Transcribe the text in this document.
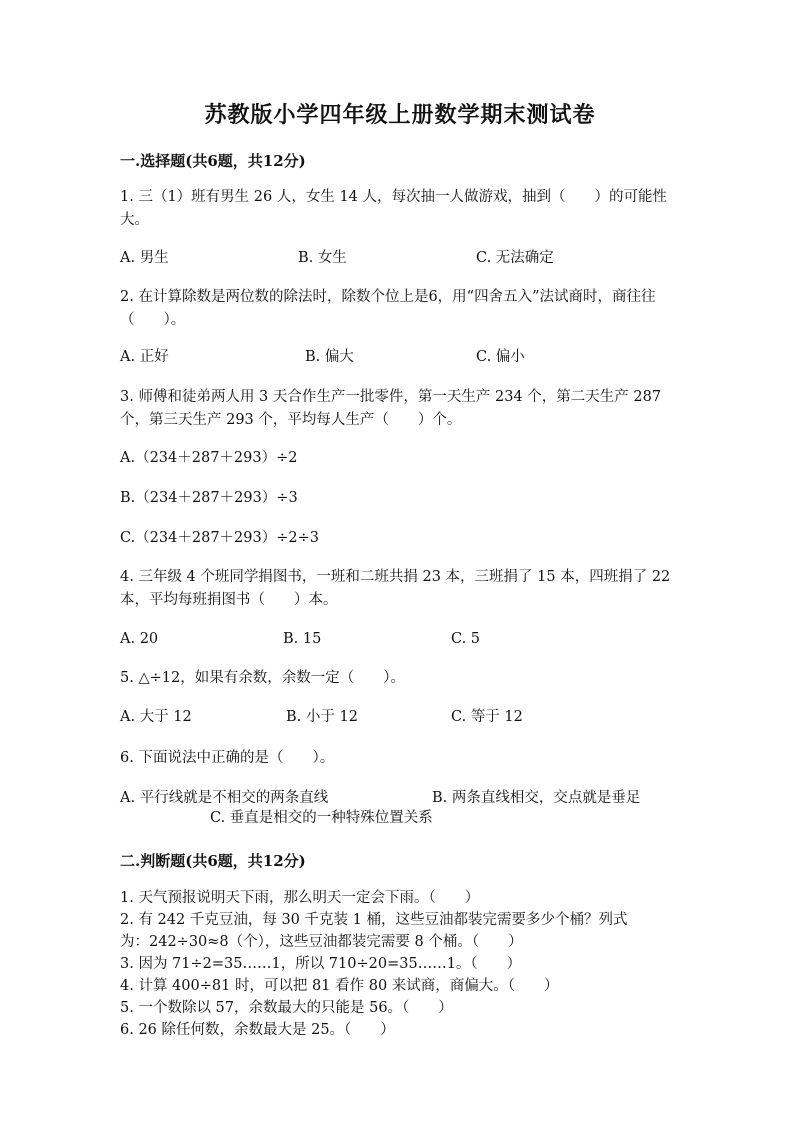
苏教版小学四年级上册数学期末测试卷
一.选择题(共6题，共12分)
1. 三（1）班有男生 26 人，女生 14 人，每次抽一人做游戏，抽到（　　）的可能性大。
A. 男生	B. 女生	C. 无法确定
2. 在计算除数是两位数的除法时，除数个位上是6，用“四舍五入”法试商时，商往往（　　）。
A. 正好	B. 偏大	C. 偏小
3. 师傅和徒弟两人用 3 天合作生产一批零件，第一天生产 234 个，第二天生产 287 个，第三天生产 293 个，平均每人生产（　　）个。
A.（234＋287＋293）÷2
B.（234＋287＋293）÷3
C.（234＋287＋293）÷2÷3
4. 三年级 4 个班同学捐图书，一班和二班共捐 23 本，三班捐了 15 本，四班捐了 22 本，平均每班捐图书（　　）本。
A. 20	B. 15	C. 5
5. △÷12，如果有余数，余数一定（　　）。
A. 大于 12	B. 小于 12	C. 等于 12
6. 下面说法中正确的是（　　）。
A. 平行线就是不相交的两条直线	B. 两条直线相交，交点就是垂足
C. 垂直是相交的一种特殊位置关系
二.判断题(共6题，共12分)
1. 天气预报说明天下雨，那么明天一定会下雨。（　　）
2. 有 242 千克豆油，每 30 千克装 1 桶，这些豆油都装完需要多少个桶？列式
为：242÷30≈8（个），这些豆油都装完需要 8 个桶。（　　）
3. 因为 71÷2=35……1，所以 710÷20=35……1。（　　）
4. 计算 400÷81 时，可以把 81 看作 80 来试商，商偏大。（　　）
5. 一个数除以 57，余数最大的只能是 56。（　　）
6. 26 除任何数，余数最大是 25。（　　）
